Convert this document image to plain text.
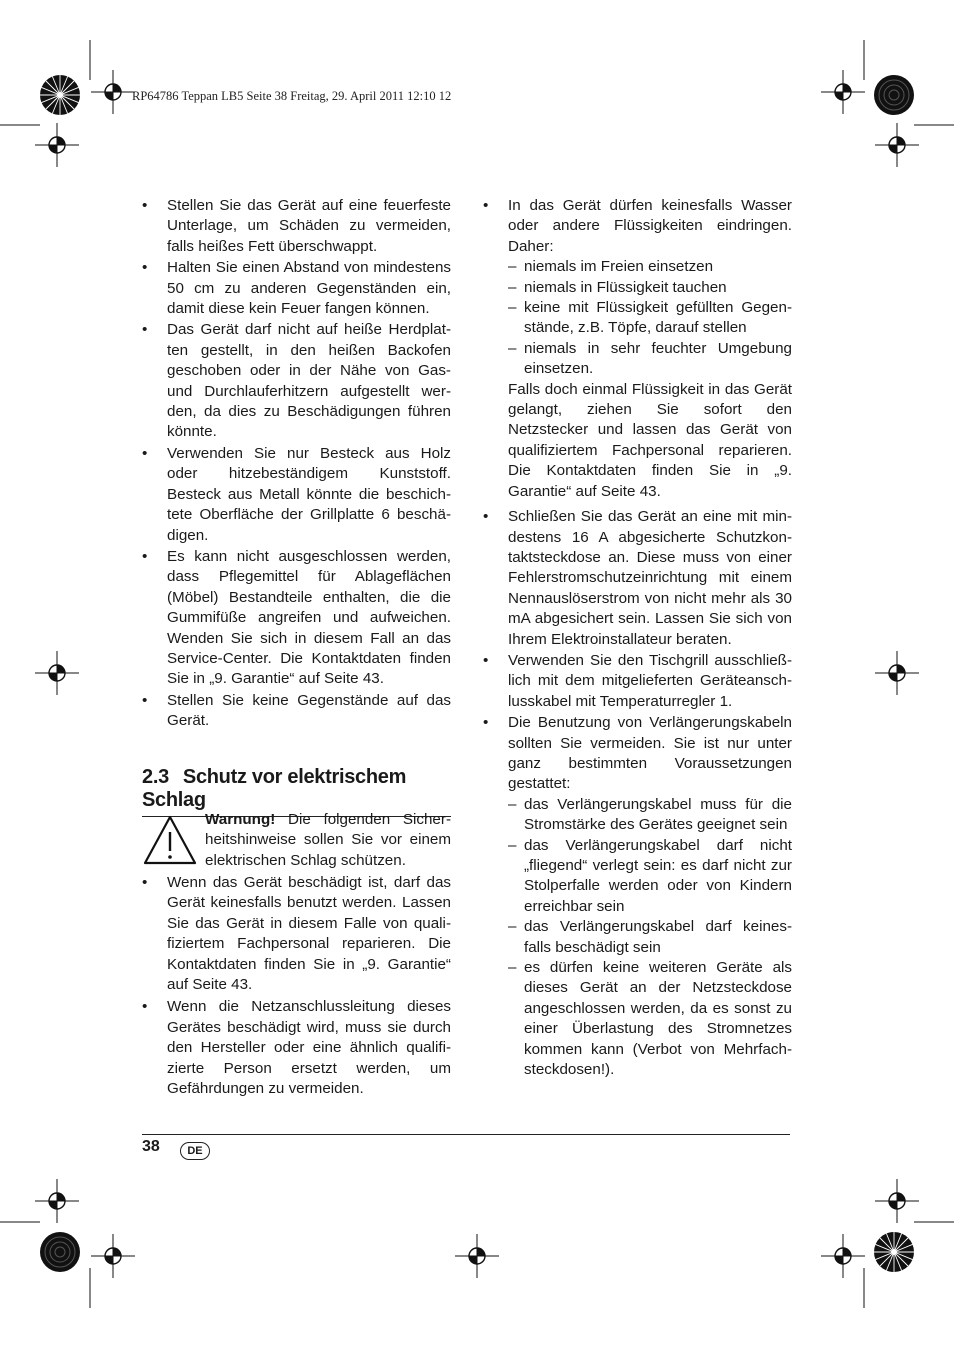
RP64786 Teppan LB5 Seite 38 Freitag, 29. April 2011 12:10 12
• Stellen Sie das Gerät auf eine feuerfeste Unterlage, um Schäden zu vermeiden, falls heißes Fett überschwappt.

• Halten Sie einen Abstand von mindestens 50 cm zu anderen Gegenständen ein, damit diese kein Feuer fangen können.

• Das Gerät darf nicht auf heiße Herdplatten gestellt, in den heißen Backofen geschoben oder in der Nähe von Gas- und Durchlauferhitzern aufgestellt werden, da dies zu Beschädigungen führen könnte.

• Verwenden Sie nur Besteck aus Holz oder hitzebeständigem Kunststoff. Besteck aus Metall könnte die beschichtete Oberfläche der Grillplatte 6 beschädigen.

• Es kann nicht ausgeschlossen werden, dass Pflegemittel für Ablageflächen (Möbel) Bestandteile enthalten, die die Gummifüße angreifen und aufweichen. Wenden Sie sich in diesem Fall an das Service-Center. Die Kontaktdaten finden Sie in „9. Garantie“ auf Seite 43.

• Stellen Sie keine Gegenstände auf das Gerät.

2.3 Schutz vor elektrischem Schlag
Warnung! Die folgenden Sicherheitshinweise sollen Sie vor einem elektrischen Schlag schützen.
• Wenn das Gerät beschädigt ist, darf das Gerät keinesfalls benutzt werden. Lassen Sie das Gerät in diesem Falle von qualifiziertem Fachpersonal reparieren. Die Kontaktdaten finden Sie in „9. Garantie“ auf Seite 43.

• Wenn die Netzanschlussleitung dieses Gerätes beschädigt wird, muss sie durch den Hersteller oder eine ähnlich qualifizierte Person ersetzt werden, um Gefährdungen zu vermeiden.

• In das Gerät dürfen keinesfalls Wasser oder andere Flüssigkeiten eindringen. Daher:

– niemals im Freien einsetzen

– niemals in Flüssigkeit tauchen

– keine mit Flüssigkeit gefüllten Gegenstände, z.B. Töpfe, darauf stellen

– niemals in sehr feuchter Umgebung einsetzen.

Falls doch einmal Flüssigkeit in das Gerät gelangt, ziehen Sie sofort den Netzstecker und lassen das Gerät von qualifiziertem Fachpersonal reparieren. Die Kontaktdaten finden Sie in „9. Garantie“ auf Seite 43.

• Schließen Sie das Gerät an eine mit mindestens 16 A abgesicherte Schutzkontaktsteckdose an. Diese muss von einer Fehlerstromschutzeinrichtung mit einem Nennauslöserstrom von nicht mehr als 30 mA abgesichert sein. Lassen Sie sich von Ihrem Elektroinstallateur beraten.

• Verwenden Sie den Tischgrill ausschließlich mit dem mitgelieferten Geräteanschlusskabel mit Temperaturregler 1.

• Die Benutzung von Verlängerungskabeln sollten Sie vermeiden. Sie ist nur unter ganz bestimmten Voraussetzungen gestattet:

– das Verlängerungskabel muss für die Stromstärke des Gerätes geeignet sein

– das Verlängerungskabel darf nicht „fliegend“ verlegt sein: es darf nicht zur Stolperfalle werden oder von Kindern erreichbar sein

– das Verlängerungskabel darf keinesfalls beschädigt sein

– es dürfen keine weiteren Geräte als dieses Gerät an der Netzsteckdose angeschlossen werden, da es sonst zu einer Überlastung des Stromnetzes kommen kann (Verbot von Mehrfachsteckdosen!).

38	DE
